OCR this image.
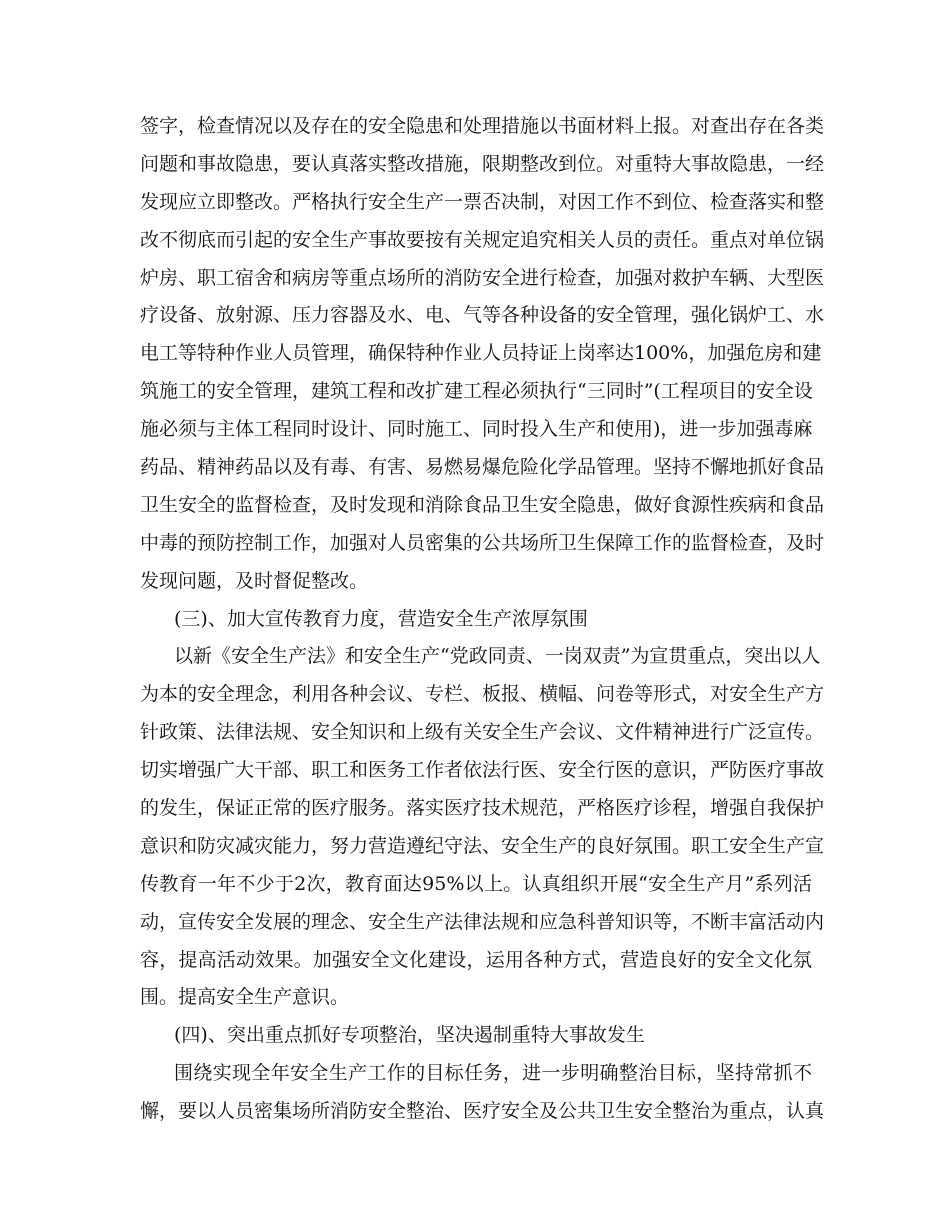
签字，检查情况以及存在的安全隐患和处理措施以书面材料上报。对查出存在各类
问题和事故隐患，要认真落实整改措施，限期整改到位。对重特大事故隐患，一经
发现应立即整改。严格执行安全生产一票否决制，对因工作不到位、检查落实和整
改不彻底而引起的安全生产事故要按有关规定追究相关人员的责任。重点对单位锅
炉房、职工宿舍和病房等重点场所的消防安全进行检查，加强对救护车辆、大型医
疗设备、放射源、压力容器及水、电、气等各种设备的安全管理，强化锅炉工、水
电工等特种作业人员管理，确保特种作业人员持证上岗率达100%，加强危房和建
筑施工的安全管理，建筑工程和改扩建工程必须执行“三同时”(工程项目的安全设
施必须与主体工程同时设计、同时施工、同时投入生产和使用)，进一步加强毒麻
药品、精神药品以及有毒、有害、易燃易爆危险化学品管理。坚持不懈地抓好食品
卫生安全的监督检查，及时发现和消除食品卫生安全隐患，做好食源性疾病和食品
中毒的预防控制工作，加强对人员密集的公共场所卫生保障工作的监督检查，及时
发现问题，及时督促整改。
(三)、加大宣传教育力度，营造安全生产浓厚氛围
以新《安全生产法》和安全生产“党政同责、一岗双责”为宣贯重点，突出以人
为本的安全理念，利用各种会议、专栏、板报、横幅、问卷等形式，对安全生产方
针政策、法律法规、安全知识和上级有关安全生产会议、文件精神进行广泛宣传。
切实增强广大干部、职工和医务工作者依法行医、安全行医的意识，严防医疗事故
的发生，保证正常的医疗服务。落实医疗技术规范，严格医疗诊程，增强自我保护
意识和防灾减灾能力，努力营造遵纪守法、安全生产的良好氛围。职工安全生产宣
传教育一年不少于2次，教育面达95%以上。认真组织开展“安全生产月”系列活
动，宣传安全发展的理念、安全生产法律法规和应急科普知识等，不断丰富活动内
容，提高活动效果。加强安全文化建设，运用各种方式，营造良好的安全文化氛
围。提高安全生产意识。
(四)、突出重点抓好专项整治，坚决遏制重特大事故发生
围绕实现全年安全生产工作的目标任务，进一步明确整治目标，坚持常抓不
懈，要以人员密集场所消防安全整治、医疗安全及公共卫生安全整治为重点，认真
